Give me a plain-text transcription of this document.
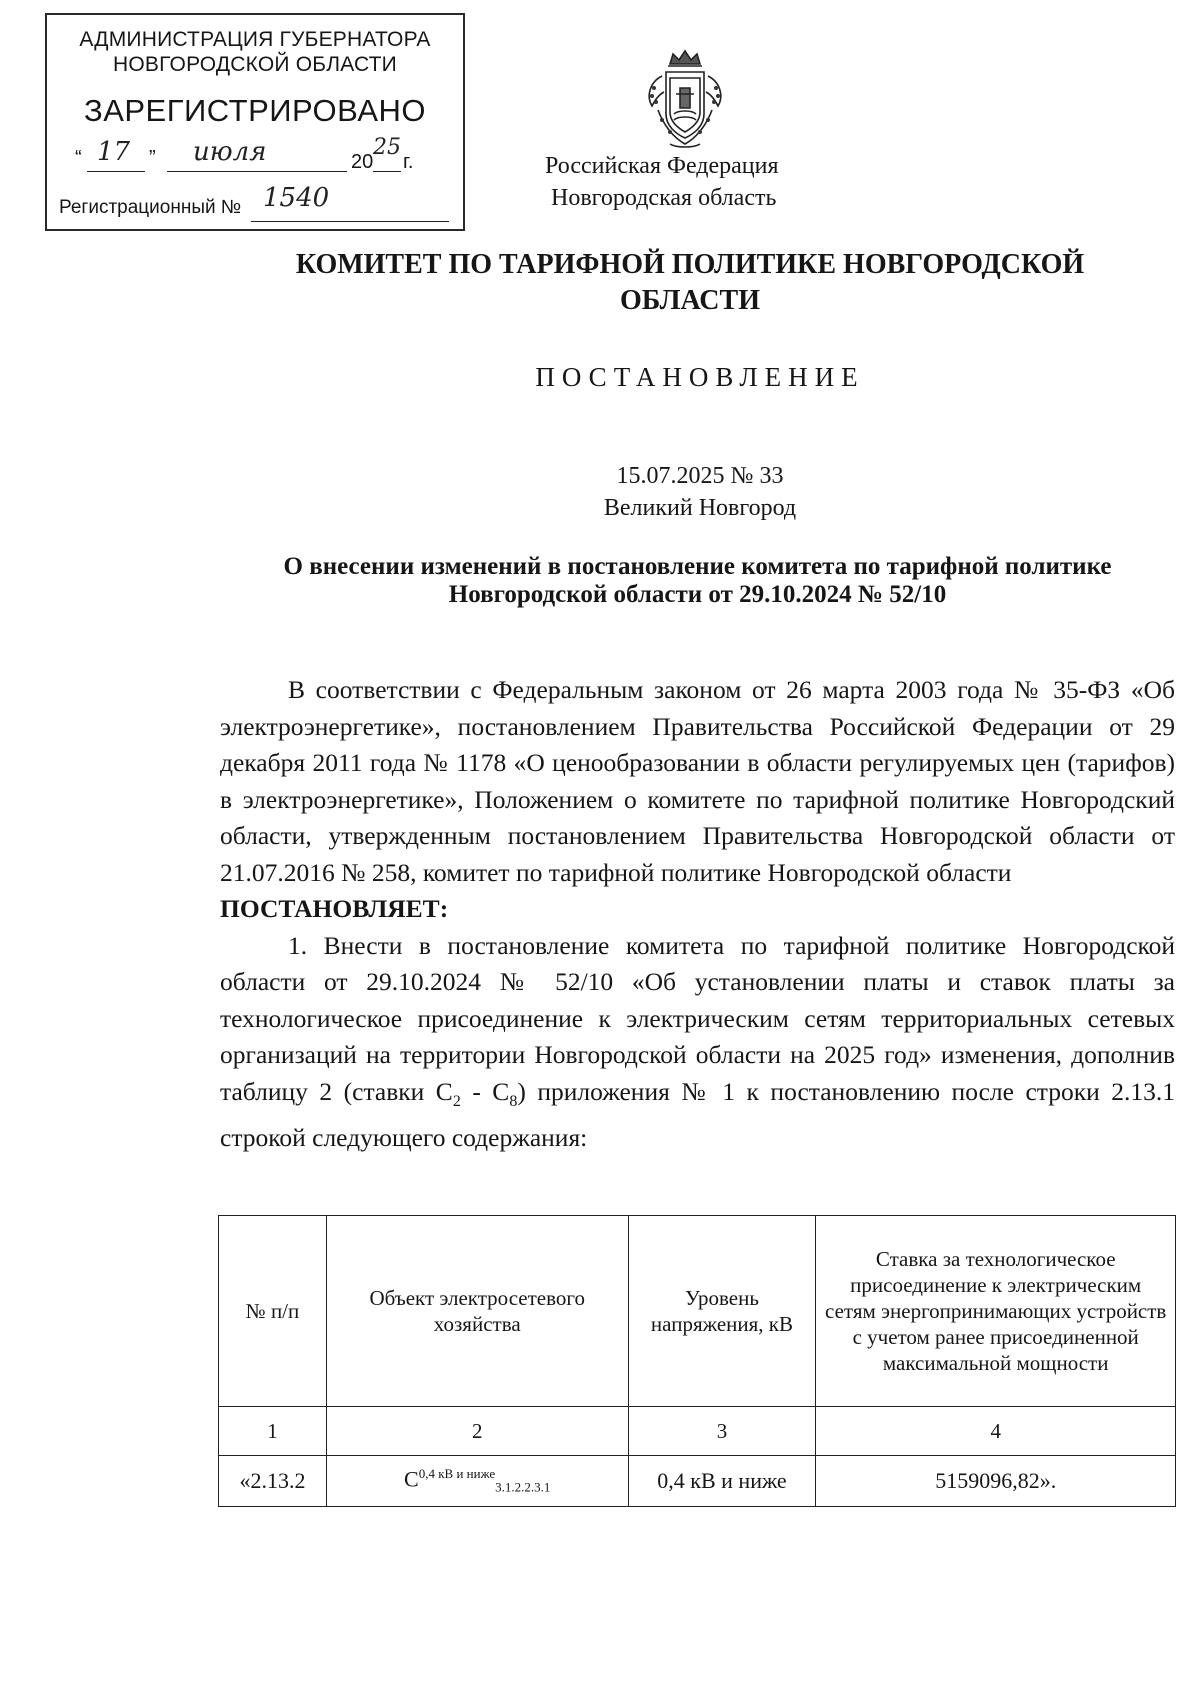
АДМИНИСТРАЦИЯ ГУБЕРНАТОРА
НОВГОРОДСКОЙ ОБЛАСТИ
ЗАРЕГИСТРИРОВАНО
“ 17 ” июля	20
25
г.
Регистрационный № 1540
Российская Федерация
Новгородская область
КОМИТЕТ ПО ТАРИФНОЙ ПОЛИТИКЕ НОВГОРОДСКОЙ ОБЛАСТИ
ПОСТАНОВЛЕНИЕ
15.07.2025 № 33
Великий Новгород
О внесении изменений в постановление комитета по тарифной политике Новгородской области от 29.10.2024 № 52/10

В соответствии с Федеральным законом от 26 марта 2003 года № 35-ФЗ «Об электроэнергетике», постановлением Правительства Российской Федерации от 29 декабря 2011 года № 1178 «О ценообразовании в области регулируемых цен (тарифов) в электроэнергетике», Положением о комитете по тарифной политике Новгородский области, утвержденным постановлением Правительства Новгородской области от 21.07.2016 № 258, комитет по тарифной политике Новгородской области

ПОСТАНОВЛЯЕТ:

1. Внести в постановление комитета по тарифной политике Новгородской области от 29.10.2024 № 52/10 «Об установлении платы и ставок платы за технологическое присоединение к электрическим сетям территориальных сетевых организаций на территории Новгородской области на 2025 год» изменения, дополнив таблицу 2 (ставки $C_2 - C_8$) приложения № 1 к постановлению после строки 2.13.1 строкой следующего содержания:

№ п/п	Объект электросетевого хозяйства	Уровень напряжения, кВ	Ставка за технологическое присоединение к электрическим сетям энергопринимающих устройств с учетом ранее присоединенной максимальной мощности
1	2	3	4
«2.13.2	$C^{0,4 кВ и ниже}_{3.1.2.2.3.1}$	0,4 кВ и ниже	5159096,82».
